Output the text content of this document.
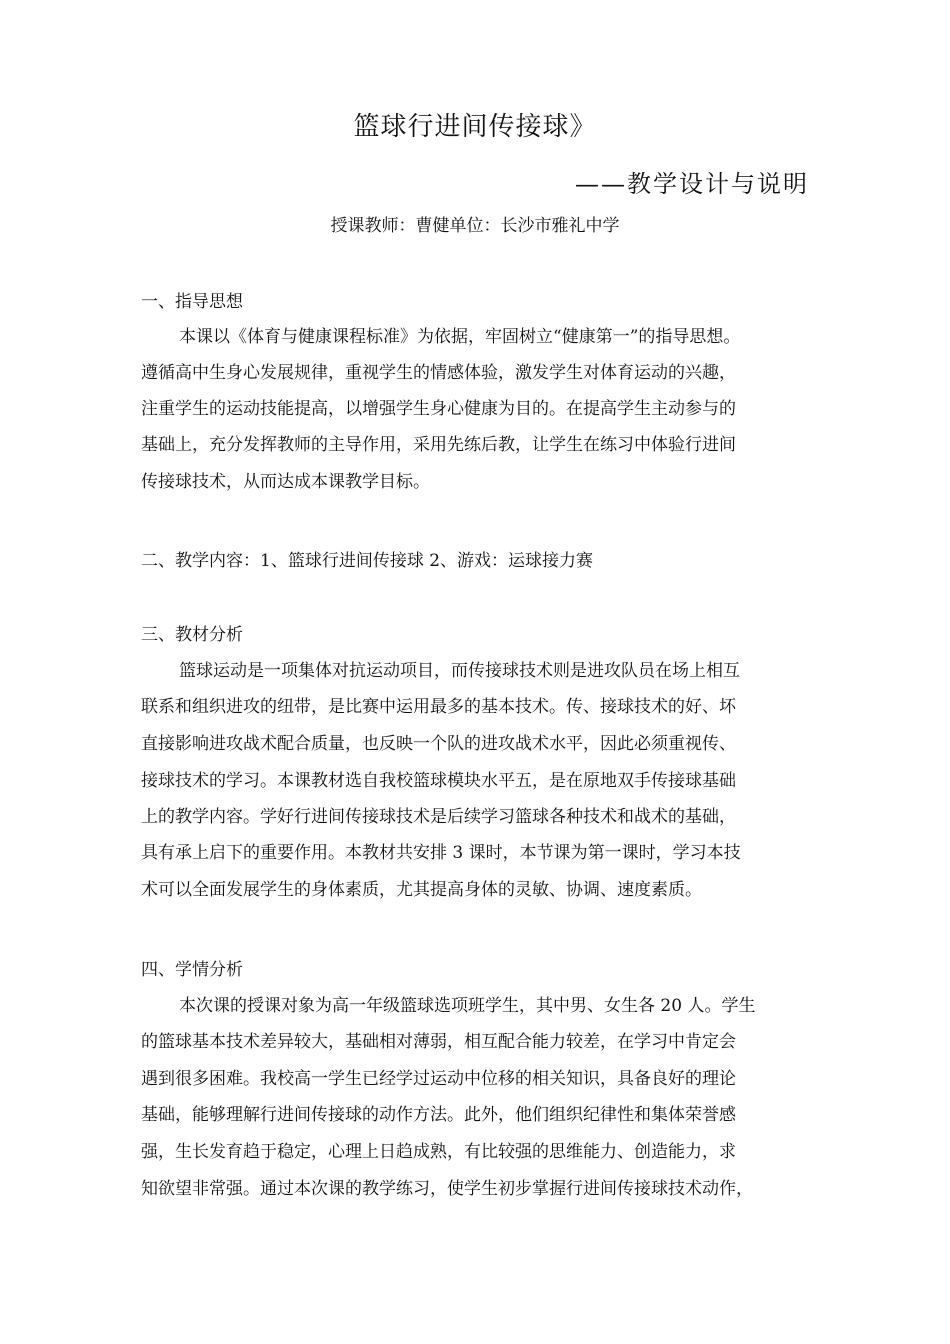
篮球行进间传接球》
——教学设计与说明
授课教师：曹健单位：长沙市雅礼中学
一、指导思想
本课以《体育与健康课程标准》为依据，牢固树立“健康第一”的指导思想。
遵循高中生身心发展规律，重视学生的情感体验，激发学生对体育运动的兴趣，
注重学生的运动技能提高，以增强学生身心健康为目的。在提高学生主动参与的
基础上，充分发挥教师的主导作用，采用先练后教，让学生在练习中体验行进间
传接球技术，从而达成本课教学目标。
二、教学内容：1、篮球行进间传接球 2、游戏：运球接力赛
三、教材分析
篮球运动是一项集体对抗运动项目，而传接球技术则是进攻队员在场上相互
联系和组织进攻的纽带，是比赛中运用最多的基本技术。传、接球技术的好、坏
直接影响进攻战术配合质量，也反映一个队的进攻战术水平，因此必须重视传、
接球技术的学习。本课教材选自我校篮球模块水平五，是在原地双手传接球基础
上的教学内容。学好行进间传接球技术是后续学习篮球各种技术和战术的基础，
具有承上启下的重要作用。本教材共安排 3 课时，本节课为第一课时，学习本技
术可以全面发展学生的身体素质，尤其提高身体的灵敏、协调、速度素质。
四、学情分析
本次课的授课对象为高一年级篮球选项班学生，其中男、女生各 20 人。学生
的篮球基本技术差异较大，基础相对薄弱，相互配合能力较差，在学习中肯定会
遇到很多困难。我校高一学生已经学过运动中位移的相关知识，具备良好的理论
基础，能够理解行进间传接球的动作方法。此外，他们组织纪律性和集体荣誉感
强，生长发育趋于稳定，心理上日趋成熟，有比较强的思维能力、创造能力，求
知欲望非常强。通过本次课的教学练习，使学生初步掌握行进间传接球技术动作，
